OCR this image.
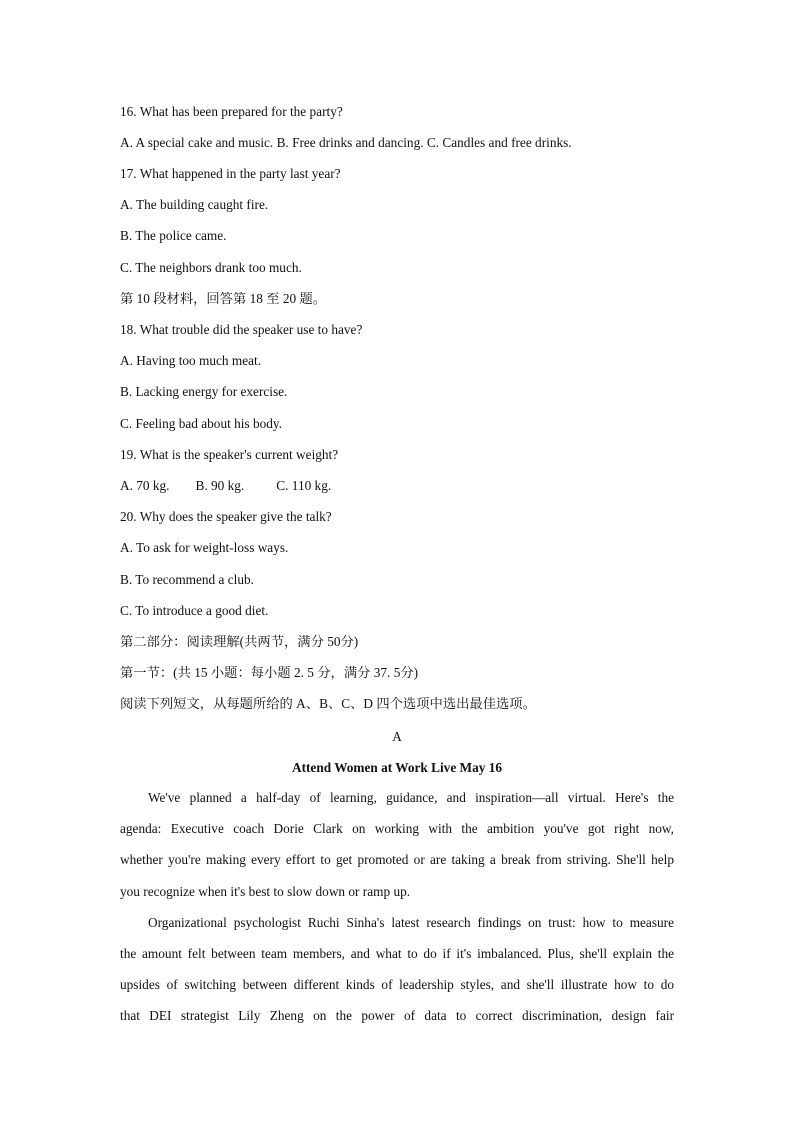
16. What has been prepared for the party?
A. A special cake and music. B. Free drinks and dancing. C. Candles and free drinks.
17. What happened in the party last year?
A. The building caught fire.
B. The police came.
C. The neighbors drank too much.
第 10 段材料，回答第 18 至 20 题。
18. What trouble did the speaker use to have?
A. Having too much meat.
B. Lacking energy for exercise.
C. Feeling bad about his body.
19. What is the speaker's current weight?
A. 70 kg. B. 90 kg. C. 110 kg.
20. Why does the speaker give the talk?
A. To ask for weight-loss ways.
B. To recommend a club.
C. To introduce a good diet.
第二部分：阅读理解(共两节，满分 50分)
第一节：(共 15 小题：每小题 2. 5 分，满分 37. 5分)
阅读下列短文，从每题所给的 A、B、C、D 四个选项中选出最佳选项。
A
Attend Women at Work Live May 16

We've planned a half-day of learning, guidance, and inspiration—all virtual. Here's the

agenda: Executive coach Dorie Clark on working with the ambition you've got right now,

whether you're making every effort to get promoted or are taking a break from striving. She'll help

you recognize when it's best to slow down or ramp up.

Organizational psychologist Ruchi Sinha's latest research findings on trust: how to measure

the amount felt between team members, and what to do if it's imbalanced. Plus, she'll explain the

upsides of switching between different kinds of leadership styles, and she'll illustrate how to do

that DEI strategist Lily Zheng on the power of data to correct discrimination, design fair
